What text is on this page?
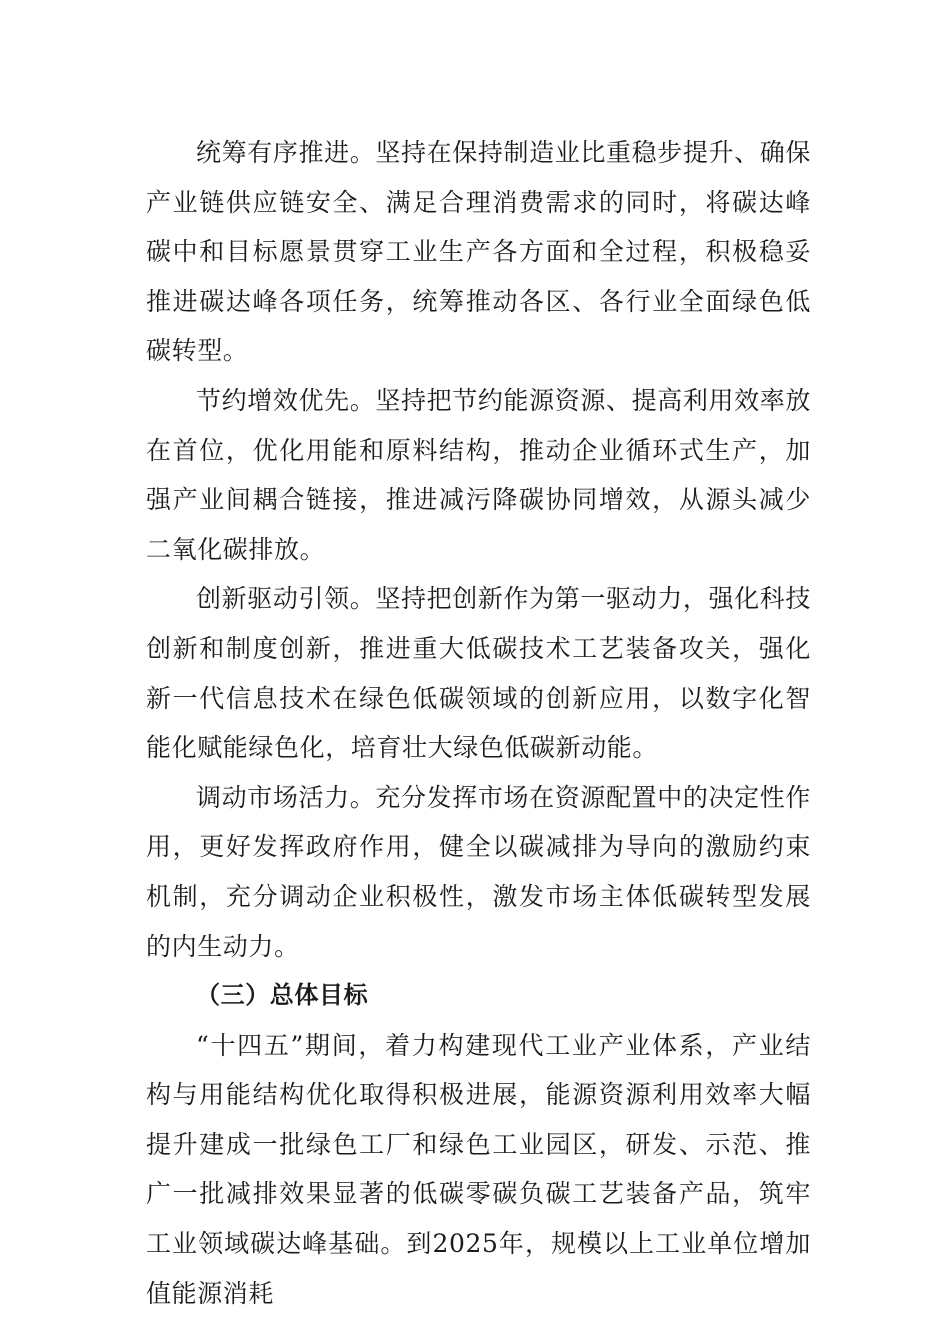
统筹有序推进。坚持在保持制造业比重稳步提升、确保产业链供应链安全、满足合理消费需求的同时，将碳达峰碳中和目标愿景贯穿工业生产各方面和全过程，积极稳妥推进碳达峰各项任务，统筹推动各区、各行业全面绿色低碳转型。

节约增效优先。坚持把节约能源资源、提高利用效率放在首位，优化用能和原料结构，推动企业循环式生产，加强产业间耦合链接，推进减污降碳协同增效，从源头减少二氧化碳排放。

创新驱动引领。坚持把创新作为第一驱动力，强化科技创新和制度创新，推进重大低碳技术工艺装备攻关，强化新一代信息技术在绿色低碳领域的创新应用，以数字化智能化赋能绿色化，培育壮大绿色低碳新动能。

调动市场活力。充分发挥市场在资源配置中的决定性作用，更好发挥政府作用，健全以碳减排为导向的激励约束机制，充分调动企业积极性，激发市场主体低碳转型发展的内生动力。

（三）总体目标

“十四五”期间，着力构建现代工业产业体系，产业结构与用能结构优化取得积极进展，能源资源利用效率大幅提升建成一批绿色工厂和绿色工业园区，研发、示范、推广一批减排效果显著的低碳零碳负碳工艺装备产品，筑牢工业领域碳达峰基础。到2025年，规模以上工业单位增加值能源消耗
